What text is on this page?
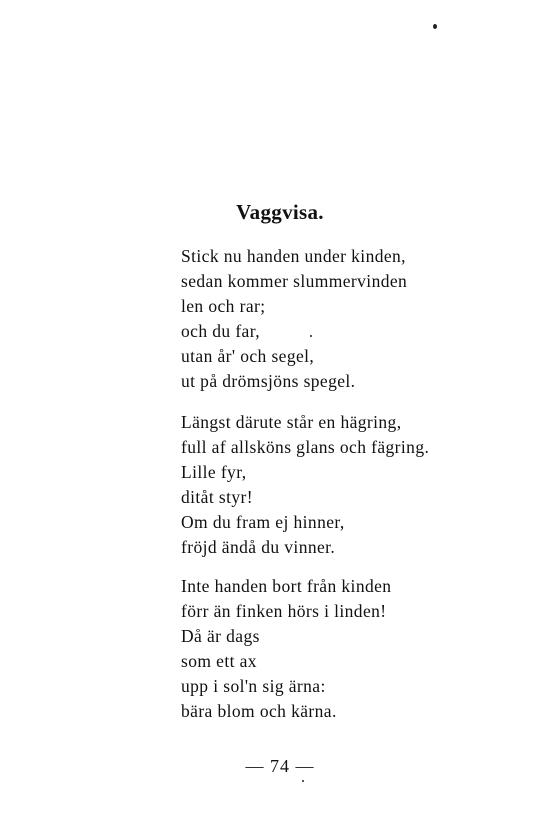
Vaggvisa.
Stick nu handen under kinden,
sedan kommer slummervinden
len och rar;
och du far,
utan år' och segel,
ut på drömsjöns spegel.
Längst därute står en hägring,
full af allsköns glans och fägring.
Lille fyr,
ditåt styr!
Om du fram ej hinner,
fröjd ändå du vinner.
Inte handen bort från kinden
förr än finken hörs i linden!
Då är dags
som ett ax
upp i sol'n sig ärna:
bära blom och kärna.
— 74 —
